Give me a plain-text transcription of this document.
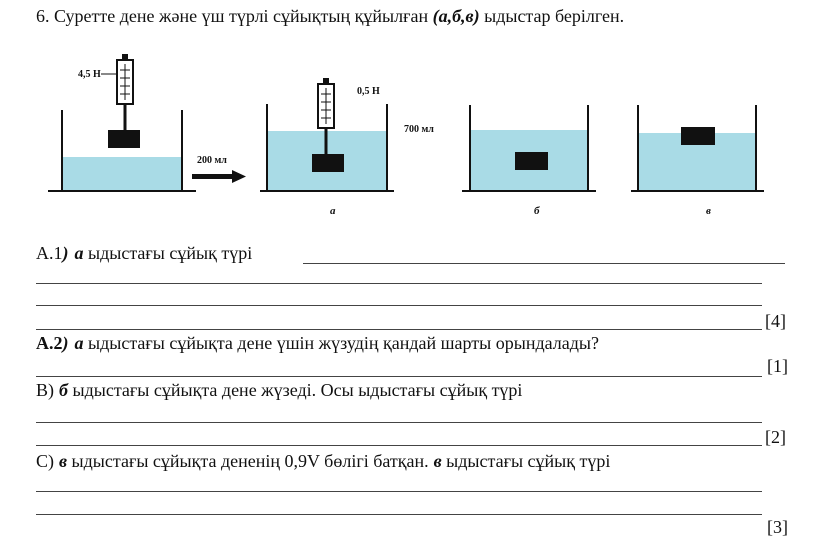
6. Суретте дене және үш түрлі сұйықтың құйылған (а,б,в) ыдыстар берілген.
4,5 Н
200 мл
0,5 Н
а
700 мл
б	в
А.1) а ыдыстағы сұйық түрі
[4]
А.2) а ыдыстағы сұйықта дене үшін жүзудің қандай шарты орындалады?
[1]
В) б ыдыстағы сұйықта дене жүзеді. Осы ыдыстағы сұйық түрі
[2]
С) в ыдыстағы сұйықта дененің 0,9V бөлігі батқан. в ыдыстағы сұйық түрі
[3]
